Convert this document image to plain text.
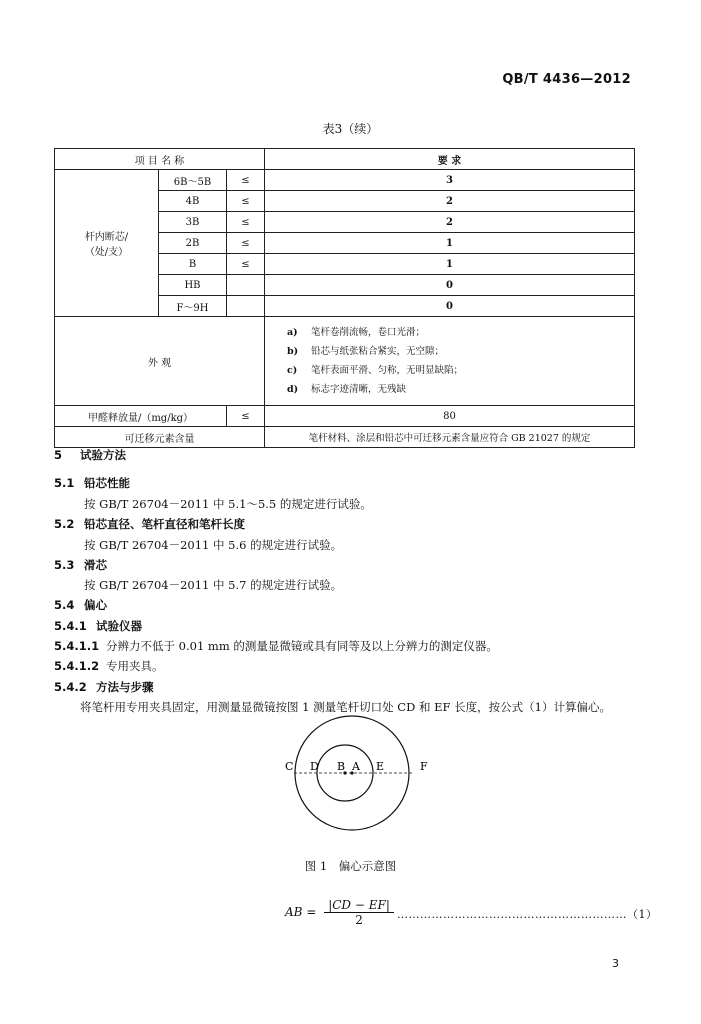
QB/T 4436—2012
表3（续）
项 目 名 称			要 求

杆内断芯/
（处/支）	6B～5B	≤	3
	4B	≤	2
	3B	≤	2
	2B	≤	1
	B	≤	1
	HB		0
	F～9H		0
外 观			a) 笔杆卷削流畅，卷口光滑；
b) 铅芯与纸张粘合紧实，无空隙；
c) 笔杆表面平滑、匀称，无明显缺陷；
d) 标志字迹清晰，无残缺

甲醛释放量/（mg/kg）		≤	80
可迁移元素含量			笔杆材料、涂层和铅芯中可迁移元素含量应符合 GB 21027 的规定
5 试验方法
5.1 铅芯性能
按 GB/T 26704－2011 中 5.1～5.5 的规定进行试验。
5.2 铅芯直径、笔杆直径和笔杆长度
按 GB/T 26704－2011 中 5.6 的规定进行试验。
5.3 滑芯
按 GB/T 26704－2011 中 5.7 的规定进行试验。
5.4 偏心
5.4.1 试验仪器
5.4.1.1 分辨力不低于 0.01 mm 的测量显微镜或具有同等及以上分辨力的测定仪器。
5.4.1.2 专用夹具。
5.4.2 方法与步骤
将笔杆用专用夹具固定，用测量显微镜按图 1 测量笔杆切口处 CD 和 EF 长度，按公式（1）计算偏心。
C D B A E	F
图 1　偏心示意图
AB = $\frac{|CD - EF|}{2}$ ……………………………………………………（1）
3
